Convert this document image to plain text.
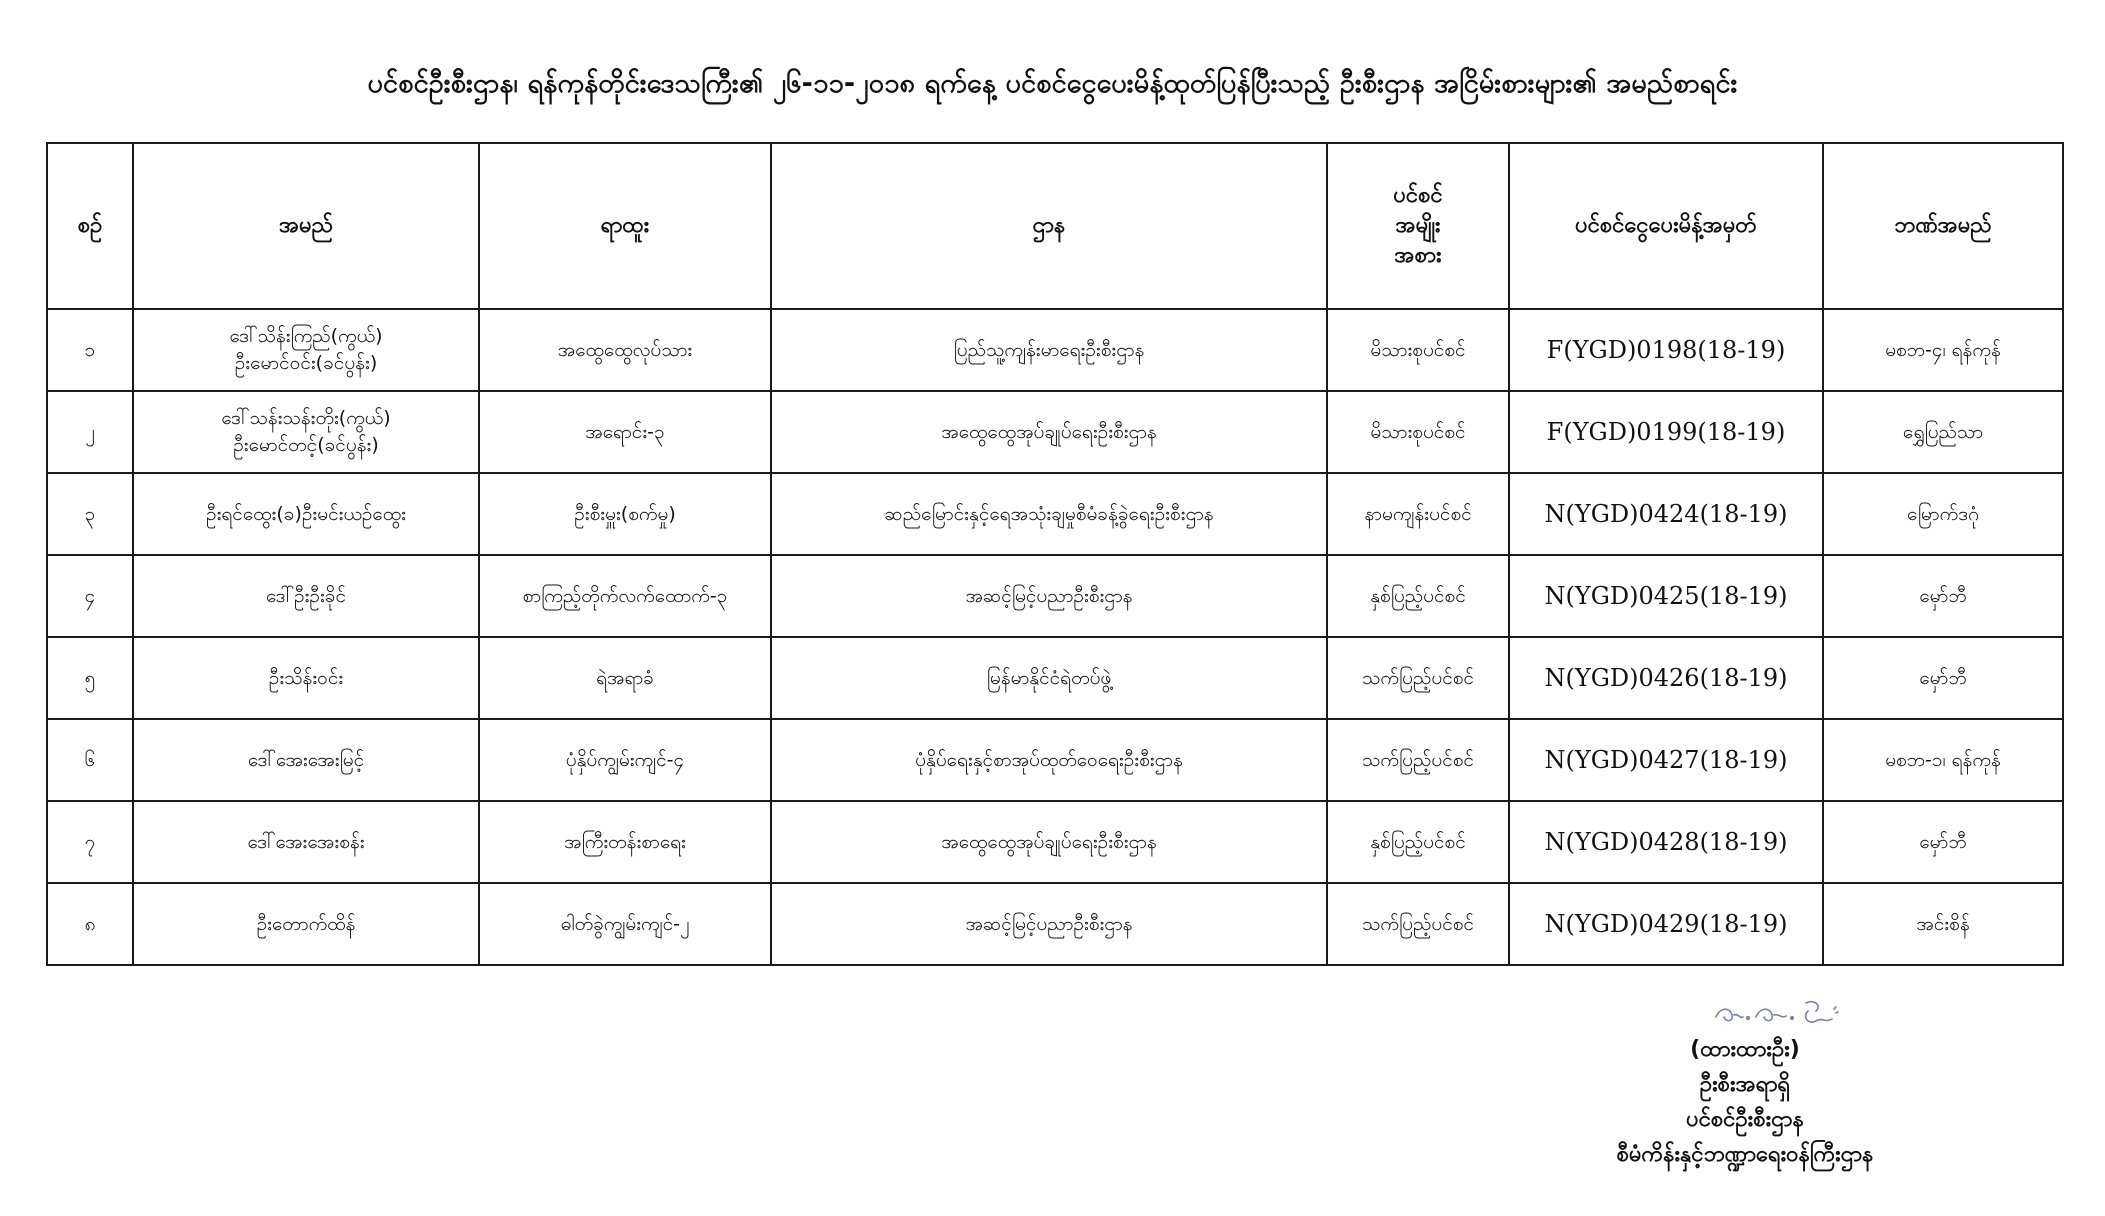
ပင်စင်ဦးစီးဌာန၊ ရန်ကုန်တိုင်းဒေသကြီး၏ ၂၆-၁၁-၂၀၁၈ ရက်နေ့ ပင်စင်ငွေပေးမိန့်ထုတ်ပြန်ပြီးသည့် ဦးစီးဌာန အငြိမ်းစားများ၏ အမည်စာရင်း
စဥ်	အမည်	ရာထူး	ဌာန	ပင်စင်
အမျိုး
အစား	ပင်စင်ငွေပေးမိန့်အမှတ်	ဘဏ်အမည်
၁	ဒေါ်သိန်းကြည်(ကွယ်)
ဦးမောင်ဝင်း(ခင်ပွန်း)	အထွေထွေလုပ်သား	ပြည်သူ့ကျန်းမာရေးဦးစီးဌာန	မိသားစုပင်စင်	F(YGD)0198(18-19)	မစဘ-၄၊ ရန်ကုန်
၂	ဒေါ်သန်းသန်းတိုး(ကွယ်)
ဦးမောင်တင့်(ခင်ပွန်း)	အရောင်း-၃	အထွေထွေအုပ်ချုပ်ရေးဦးစီးဌာန	မိသားစုပင်စင်	F(YGD)0199(18-19)	ရွှေပြည်သာ
၃	ဦးရင်ထွေး(ခ)ဦးမင်းယဥ်ထွေး	ဦးစီးမှူး(စက်မှု)	ဆည်မြောင်းနှင့်ရေအသုံးချမှုစီမံခန့်ခွဲရေးဦးစီးဌာန	နာမကျန်းပင်စင်	N(YGD)0424(18-19)	မြောက်ဒဂုံ
၄	ဒေါ်ဦးဦးခိုင်	စာကြည့်တိုက်လက်ထောက်-၃	အဆင့်မြင့်ပညာဦးစီးဌာန	နှစ်ပြည့်ပင်စင်	N(YGD)0425(18-19)	မှော်ဘီ
၅	ဦးသိန်းဝင်း	ရဲအရာခံ	မြန်မာနိုင်ငံရဲတပ်ဖွဲ့	သက်ပြည့်ပင်စင်	N(YGD)0426(18-19)	မှော်ဘီ
၆	ဒေါ်အေးအေးမြင့်	ပုံနှိပ်ကျွမ်းကျင်-၄	ပုံနှိပ်ရေးနှင့်စာအုပ်ထုတ်ဝေရေးဦးစီးဌာန	သက်ပြည့်ပင်စင်	N(YGD)0427(18-19)	မစဘ-၁၊ ရန်ကုန်
၇	ဒေါ်အေးအေးစန်း	အကြီးတန်းစာရေး	အထွေထွေအုပ်ချုပ်ရေးဦးစီးဌာန	နှစ်ပြည့်ပင်စင်	N(YGD)0428(18-19)	မှော်ဘီ
၈	ဦးတောက်ထိန်	ဓါတ်ခွဲကျွမ်းကျင်-၂	အဆင့်မြင့်ပညာဦးစီးဌာန	သက်ပြည့်ပင်စင်	N(YGD)0429(18-19)	အင်းစိန်
(ထားထားဦး)
ဦးစီးအရာရှိ
ပင်စင်ဦးစီးဌာန
စီမံကိန်းနှင့်ဘဏ္ဍာရေးဝန်ကြီးဌာန
